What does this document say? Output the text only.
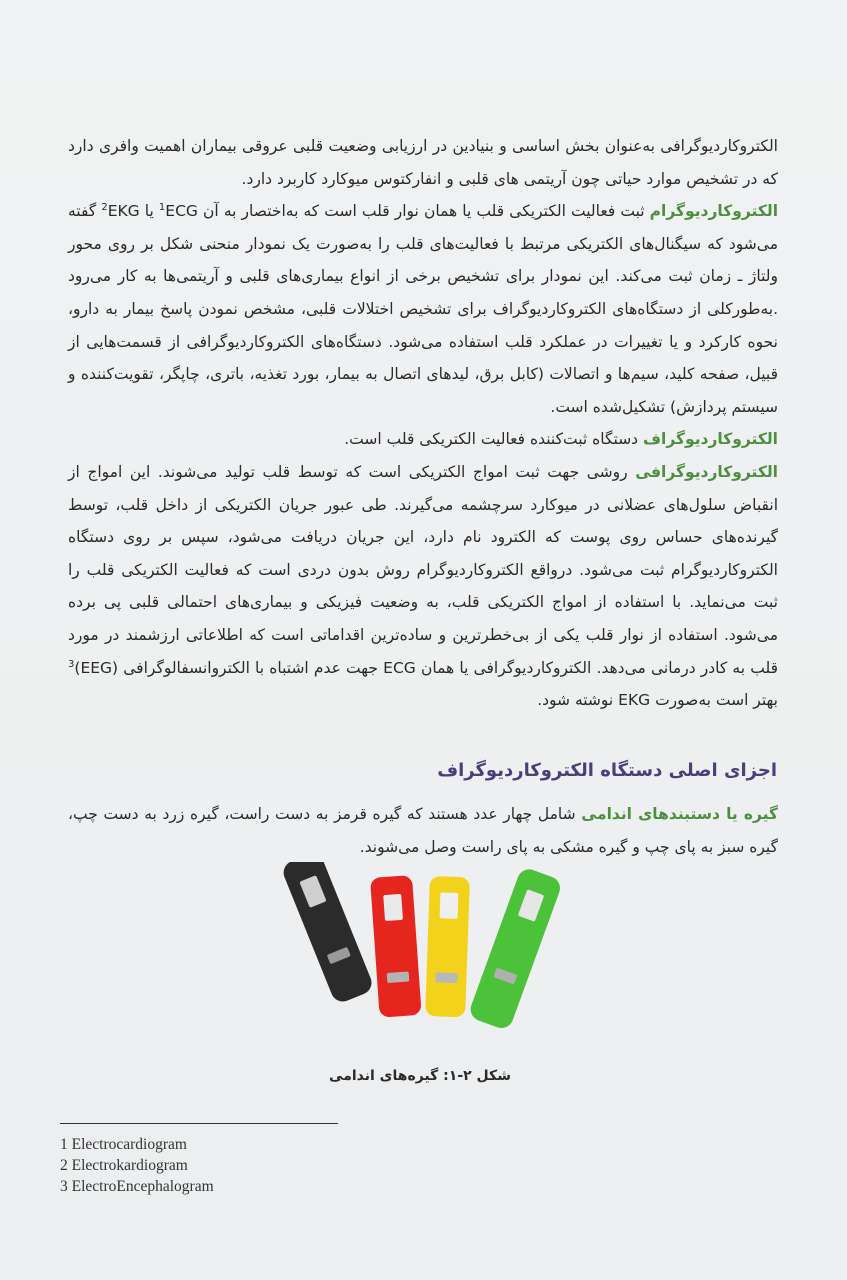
الکتروکاردیوگرافی به‌عنوان بخش اساسی و بنیادین در ارزیابی وضعیت قلبی عروقی بیماران اهمیت وافری دارد که در تشخیص موارد حیاتی چون آریتمی های قلبی و انفارکتوس میوکارد کاربرد دارد.

الکتروکاردیوگرام ثبت فعالیت الکتریکی قلب یا همان نوار قلب است که به‌اختصار به آن ECG$^1$ یا EKG$^2$ گفته می‌شود که سیگنال‌های الکتریکی مرتبط با فعالیت‌های قلب را به‌صورت یک نمودار منحنی شکل بر روی محور ولتاژ ـ زمان ثبت می‌کند. این نمودار برای تشخیص برخی از انواع بیماری‌های قلبی و آریتمی‌ها به کار می‌رود .به‌طورکلی از دستگاه‌های الکتروکاردیوگراف برای تشخیص اختلالات قلبی، مشخص نمودن پاسخ بیمار به دارو، نحوه کارکرد و یا تغییرات در عملکرد قلب استفاده می‌شود. دستگاه‌های الکتروکاردیوگرافی از قسمت‌هایی از قبیل، صفحه کلید، سیم‌ها و اتصالات (کابل برق، لیدهای اتصال به بیمار، بورد تغذیه، باتری، چاپگر، تقویت‌کننده و سیستم پردازش) تشکیل‌شده است.

الکتروکاردیوگراف دستگاه ثبت‌کننده فعالیت الکتریکی قلب است.

الکتروکاردیوگرافی روشی جهت ثبت امواج الکتریکی است که توسط قلب تولید می‌شوند. این امواج از انقباض سلول‌های عضلانی در میوکارد سرچشمه می‌گیرند. طی عبور جریان الکتریکی از داخل قلب، توسط گیرنده‌های حساس روی پوست که الکترود نام دارد، این جریان دریافت می‌شود، سپس بر روی دستگاه الکتروکاردیوگرام ثبت می‌شود. درواقع الکتروکاردیوگرام روش بدون دردی است که فعالیت الکتریکی قلب را ثبت می‌نماید. با استفاده از امواج الکتریکی قلب، به وضعیت فیزیکی و بیماری‌های احتمالی قلبی پی برده می‌شود. استفاده از نوار قلب یکی از بی‌خطرترین و ساده‌ترین اقداماتی است که اطلاعاتی ارزشمند در مورد قلب به کادر درمانی می‌دهد. الکتروکاردیوگرافی یا همان ECG جهت عدم اشتباه با الکتروانسفالوگرافی (EEG)$^3$ بهتر است به‌صورت EKG نوشته شود.

اجزای اصلی دستگاه الکتروکاردیوگراف

گیره یا دستبندهای اندامی شامل چهار عدد هستند که گیره قرمز به دست راست، گیره زرد به دست چپ، گیره سبز به پای چپ و گیره مشکی به پای راست وصل می‌شوند.

شکل ۲-۱: گیره‌های اندامی
1 Electrocardiogram
2 Electrokardiogram
3 ElectroEncephalogram
